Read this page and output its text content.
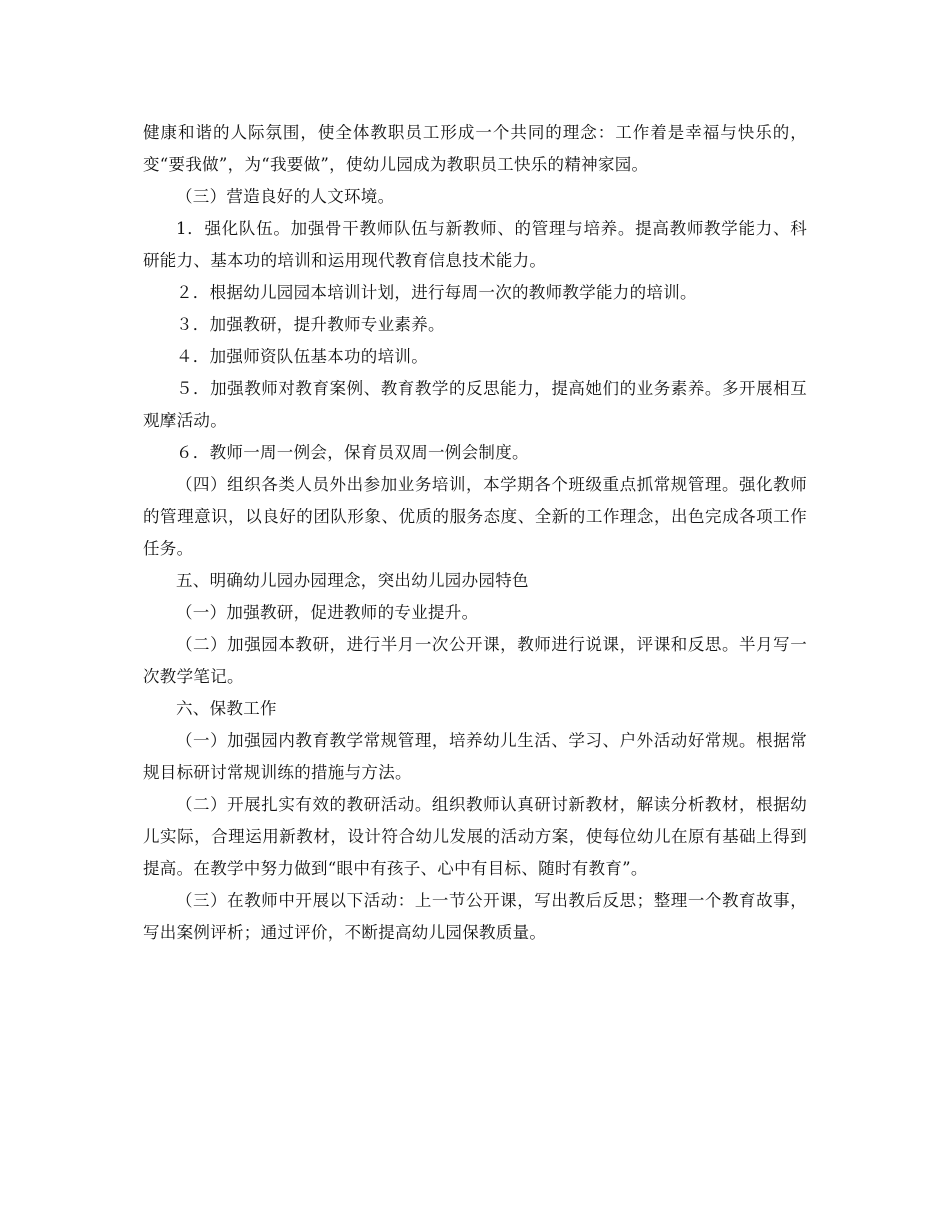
健康和谐的人际氛围，使全体教职员工形成一个共同的理念：工作着是幸福与快乐的，变“要我做”，为“我要做”，使幼儿园成为教职员工快乐的精神家园。

（三）营造良好的人文环境。

1．强化队伍。加强骨干教师队伍与新教师、的管理与培养。提高教师教学能力、科研能力、基本功的培训和运用现代教育信息技术能力。

２．根据幼儿园园本培训计划，进行每周一次的教师教学能力的培训。

３．加强教研，提升教师专业素养。

４．加强师资队伍基本功的培训。

５．加强教师对教育案例、教育教学的反思能力，提高她们的业务素养。多开展相互观摩活动。

６．教师一周一例会，保育员双周一例会制度。

（四）组织各类人员外出参加业务培训，本学期各个班级重点抓常规管理。强化教师的管理意识，以良好的团队形象、优质的服务态度、全新的工作理念，出色完成各项工作任务。

五、明确幼儿园办园理念，突出幼儿园办园特色

（一）加强教研，促进教师的专业提升。

（二）加强园本教研，进行半月一次公开课，教师进行说课，评课和反思。半月写一次教学笔记。

六、保教工作

（一）加强园内教育教学常规管理，培养幼儿生活、学习、户外活动好常规。根据常规目标研讨常规训练的措施与方法。

（二）开展扎实有效的教研活动。组织教师认真研讨新教材，解读分析教材，根据幼儿实际，合理运用新教材，设计符合幼儿发展的活动方案，使每位幼儿在原有基础上得到提高。在教学中努力做到“眼中有孩子、心中有目标、随时有教育”。

（三）在教师中开展以下活动：上一节公开课，写出教后反思；整理一个教育故事，写出案例评析；通过评价，不断提高幼儿园保教质量。
